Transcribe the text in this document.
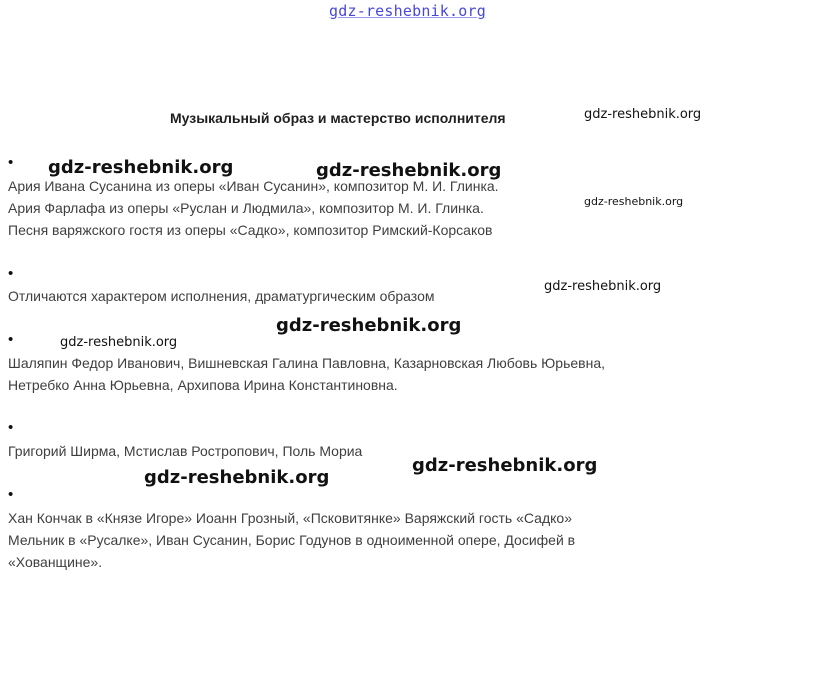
gdz-reshebnik.org
Музыкальный образ и мастерство исполнителя	gdz-reshebnik.org
• gdz-reshebnik.org	gdz-reshebnik.org
Ария Ивана Сусанина из оперы «Иван Сусанин», композитор М. И. Глинка.
Ария Фарлафа из оперы «Руслан и Людмила», композитор М. И. Глинка.	gdz-reshebnik.org
Песня варяжского гостя из оперы «Садко», композитор Римский-Корсаков
•
gdz-reshebnik.org
Отличаются характером исполнения, драматургическим образом
•
gdz-reshebnik.org
gdz-reshebnik.org
Шаляпин Федор Иванович, Вишневская Галина Павловна, Казарновская Любовь Юрьевна,
Нетребко Анна Юрьевна, Архипова Ирина Константиновна.
•
Григорий Ширма, Мстислав Ростропович, Поль Мориа
gdz-reshebnik.org
gdz-reshebnik.org
•
Хан Кончак в «Князе Игоре» Иоанн Грозный, «Псковитянке» Варяжский гость «Садко»
Мельник в «Русалке», Иван Сусанин, Борис Годунов в одноименной опере, Досифей в
«Хованщине».
